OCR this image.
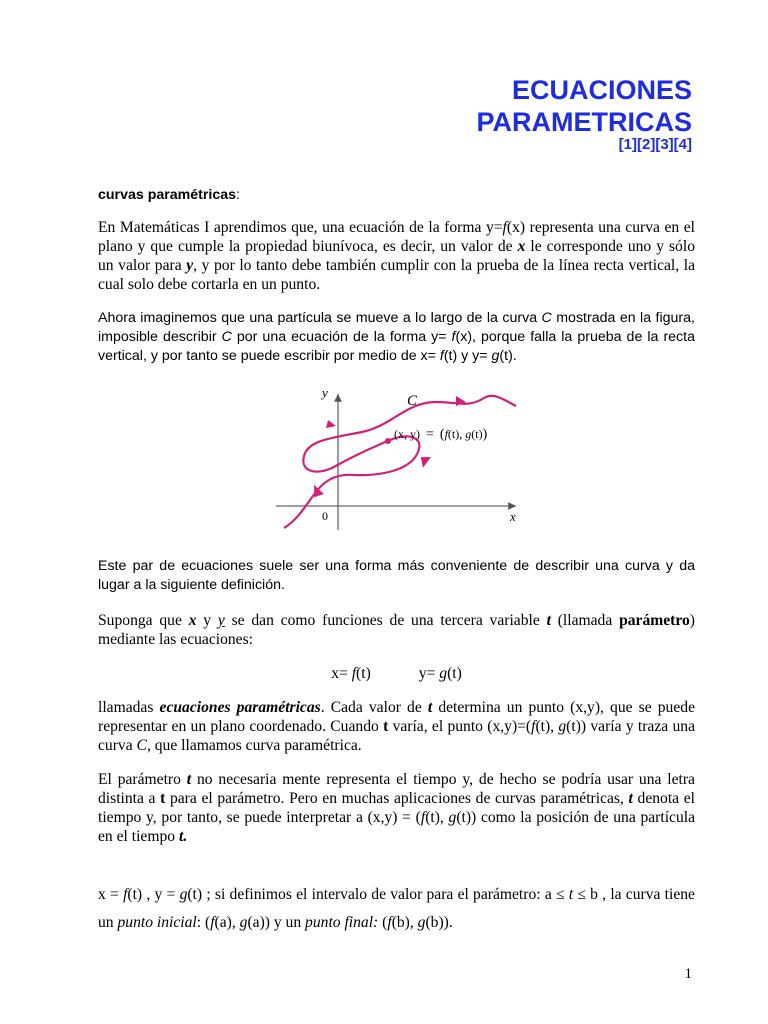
ECUACIONES
PARAMETRICAS
[1][2][3][4]
curvas paramétricas:
En Matemáticas I aprendimos que, una ecuación de la forma y=f(x) representa una curva en el plano y que cumple la propiedad biunívoca, es decir, un valor de x le corresponde uno y sólo un valor para y, y por lo tanto debe también cumplir con la prueba de la línea recta vertical, la cual solo debe cortarla en un punto.
Ahora imaginemos que una partícula se mueve a lo largo de la curva C mostrada en la figura, imposible describir C por una ecuación de la forma y= f(x), porque falla la prueba de la recta vertical, y por tanto se puede escribir por medio de x= f(t) y y= g(t).
y
x
0
C
(x, y) = (f(t), g(t))
Este par de ecuaciones suele ser una forma más conveniente de describir una curva y da lugar a la siguiente definición.
Suponga que x y y se dan como funciones de una tercera variable t (llamada parámetro) mediante las ecuaciones:
x= f(t)	y= g(t)
llamadas ecuaciones paramétricas. Cada valor de t determina un punto (x,y), que se puede representar en un plano coordenado. Cuando t varía, el punto (x,y)=(f(t), g(t)) varía y traza una curva C, que llamamos curva paramétrica.
El parámetro t no necesaria mente representa el tiempo y, de hecho se podría usar una letra distinta a t para el parámetro. Pero en muchas aplicaciones de curvas paramétricas, t denota el tiempo y, por tanto, se puede interpretar a (x,y) = (f(t), g(t)) como la posición de una partícula en el tiempo t.
x = f(t) , y = g(t) ; si definimos el intervalo de valor para el parámetro: a ≤ t ≤ b , la curva tiene un punto inicial: (f(a), g(a)) y un punto final: (f(b), g(b)).
1
